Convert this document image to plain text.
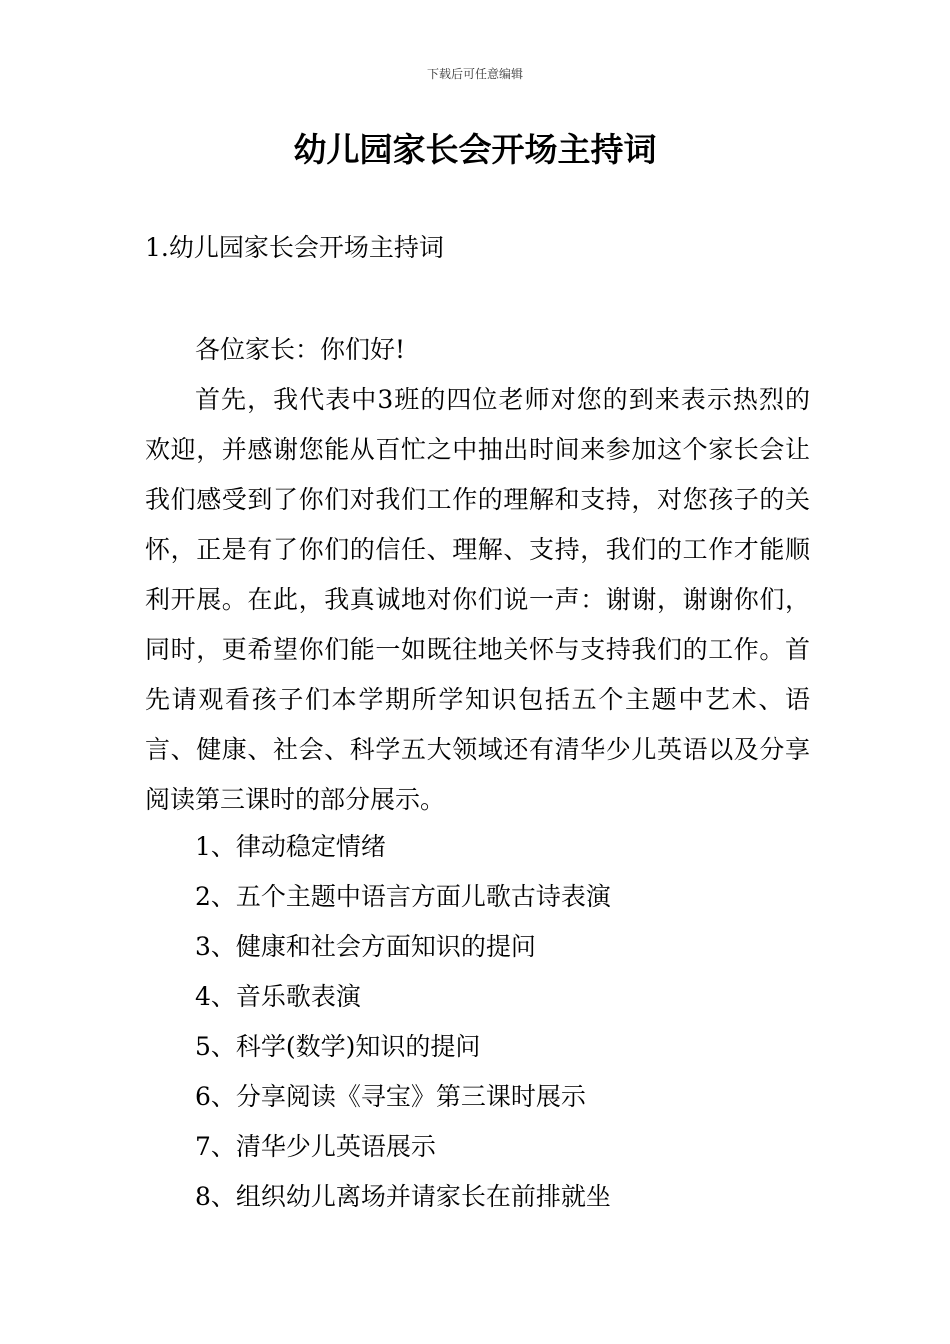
下载后可任意编辑
幼儿园家长会开场主持词
1.幼儿园家长会开场主持词

各位家长：你们好!

首先，我代表中3班的四位老师对您的到来表示热烈的欢迎，并感谢您能从百忙之中抽出时间来参加这个家长会让我们感受到了你们对我们工作的理解和支持，对您孩子的关怀，正是有了你们的信任、理解、支持，我们的工作才能顺利开展。在此，我真诚地对你们说一声：谢谢，谢谢你们，同时，更希望你们能一如既往地关怀与支持我们的工作。首先请观看孩子们本学期所学知识包括五个主题中艺术、语言、健康、社会、科学五大领域还有清华少儿英语以及分享阅读第三课时的部分展示。

1、律动稳定情绪
2、五个主题中语言方面儿歌古诗表演
3、健康和社会方面知识的提问
4、音乐歌表演
5、科学(数学)知识的提问
6、分享阅读《寻宝》第三课时展示
7、清华少儿英语展示
8、组织幼儿离场并请家长在前排就坐
